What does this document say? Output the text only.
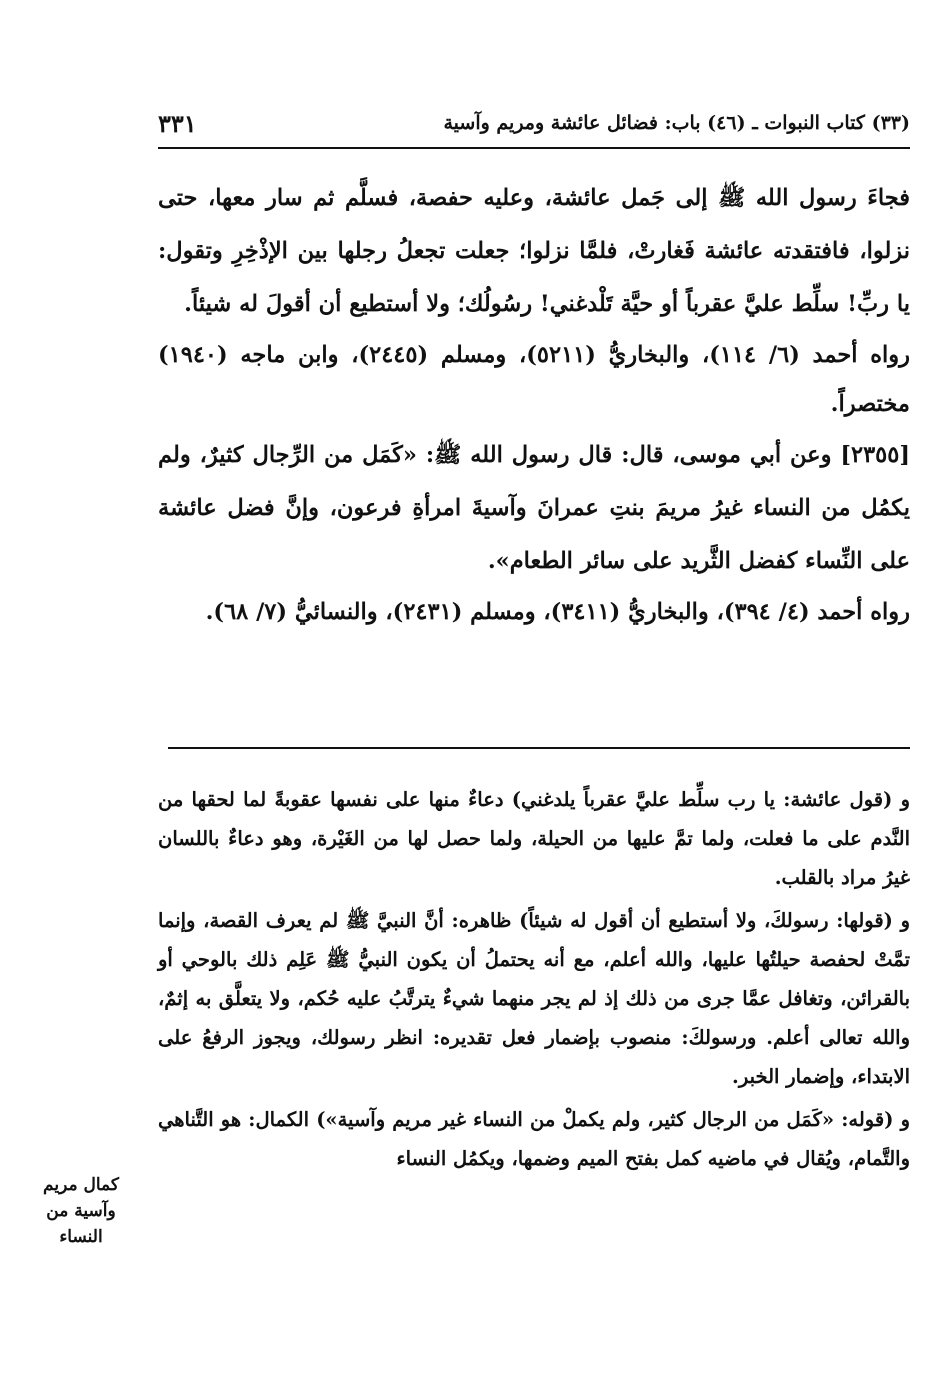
٣٣١	(٣٣) كتاب النبوات ـ (٤٦) باب: فضائل عائشة ومريم وآسية

فجاءَ رسول الله ﷺ إلى جَمل عائشة، وعليه حفصة، فسلَّم ثم سار معها، حتى نزلوا، فافتقدته عائشة فَغارتْ، فلمَّا نزلوا؛ جعلت تجعلُ رجلها بين الإذْخِرِ وتقول: يا ربِّ! سلِّط عليَّ عقرباً أو حيَّة تَلْدغني! رسُولُك؛ ولا أستطيع أن أقولَ له شيئاً.

رواه أحمد (٦/ ١١٤)، والبخاريُّ (٥٢١١)، ومسلم (٢٤٤٥)، وابن ماجه (١٩٤٠) مختصراً.

[٢٣٥٥] وعن أبي موسى، قال: قال رسول الله ﷺ: «كَمَل من الرِّجال كثيرٌ، ولم يكمُل من النساء غيرُ مريمَ بنتِ عمرانَ وآسيةَ امرأةِ فرعون، وإنَّ فضل عائشة على النِّساء كفضل الثَّريد على سائر الطعام».

رواه أحمد (٤/ ٣٩٤)، والبخاريُّ (٣٤١١)، ومسلم (٢٤٣١)، والنسائيُّ (٧/ ٦٨).

و (قول عائشة: يا رب سلِّط عليَّ عقرباً يلدغني) دعاءٌ منها على نفسها عقوبةً لما لحقها من النَّدم على ما فعلت، ولما تمَّ عليها من الحيلة، ولما حصل لها من الغَيْرة، وهو دعاءٌ باللسان غيرُ مراد بالقلب.

و (قولها: رسولكَ، ولا أستطيع أن أقول له شيئاً) ظاهره: أنَّ النبيَّ ﷺ لم يعرف القصة، وإنما تمَّتْ لحفصة حيلتُها عليها، والله أعلم، مع أنه يحتملُ أن يكون النبيُّ ﷺ عَلِم ذلك بالوحي أو بالقرائن، وتغافل عمَّا جرى من ذلك إذ لم يجر منهما شيءٌ يترتَّبُ عليه حُكم، ولا يتعلَّق به إثمٌ، والله تعالى أعلم. ورسولكَ: منصوب بإضمار فعل تقديره: انظر رسولك، ويجوز الرفعُ على الابتداء، وإضمار الخبر.

و (قوله: «كَمَل من الرجال كثير، ولم يكملْ من النساء غير مريم وآسية») الكمال: هو التَّناهي والتَّمام، ويُقال في ماضيه كمل بفتح الميم وضمها، ويكمُل النساء

كمال مريم
وآسية من
النساء
